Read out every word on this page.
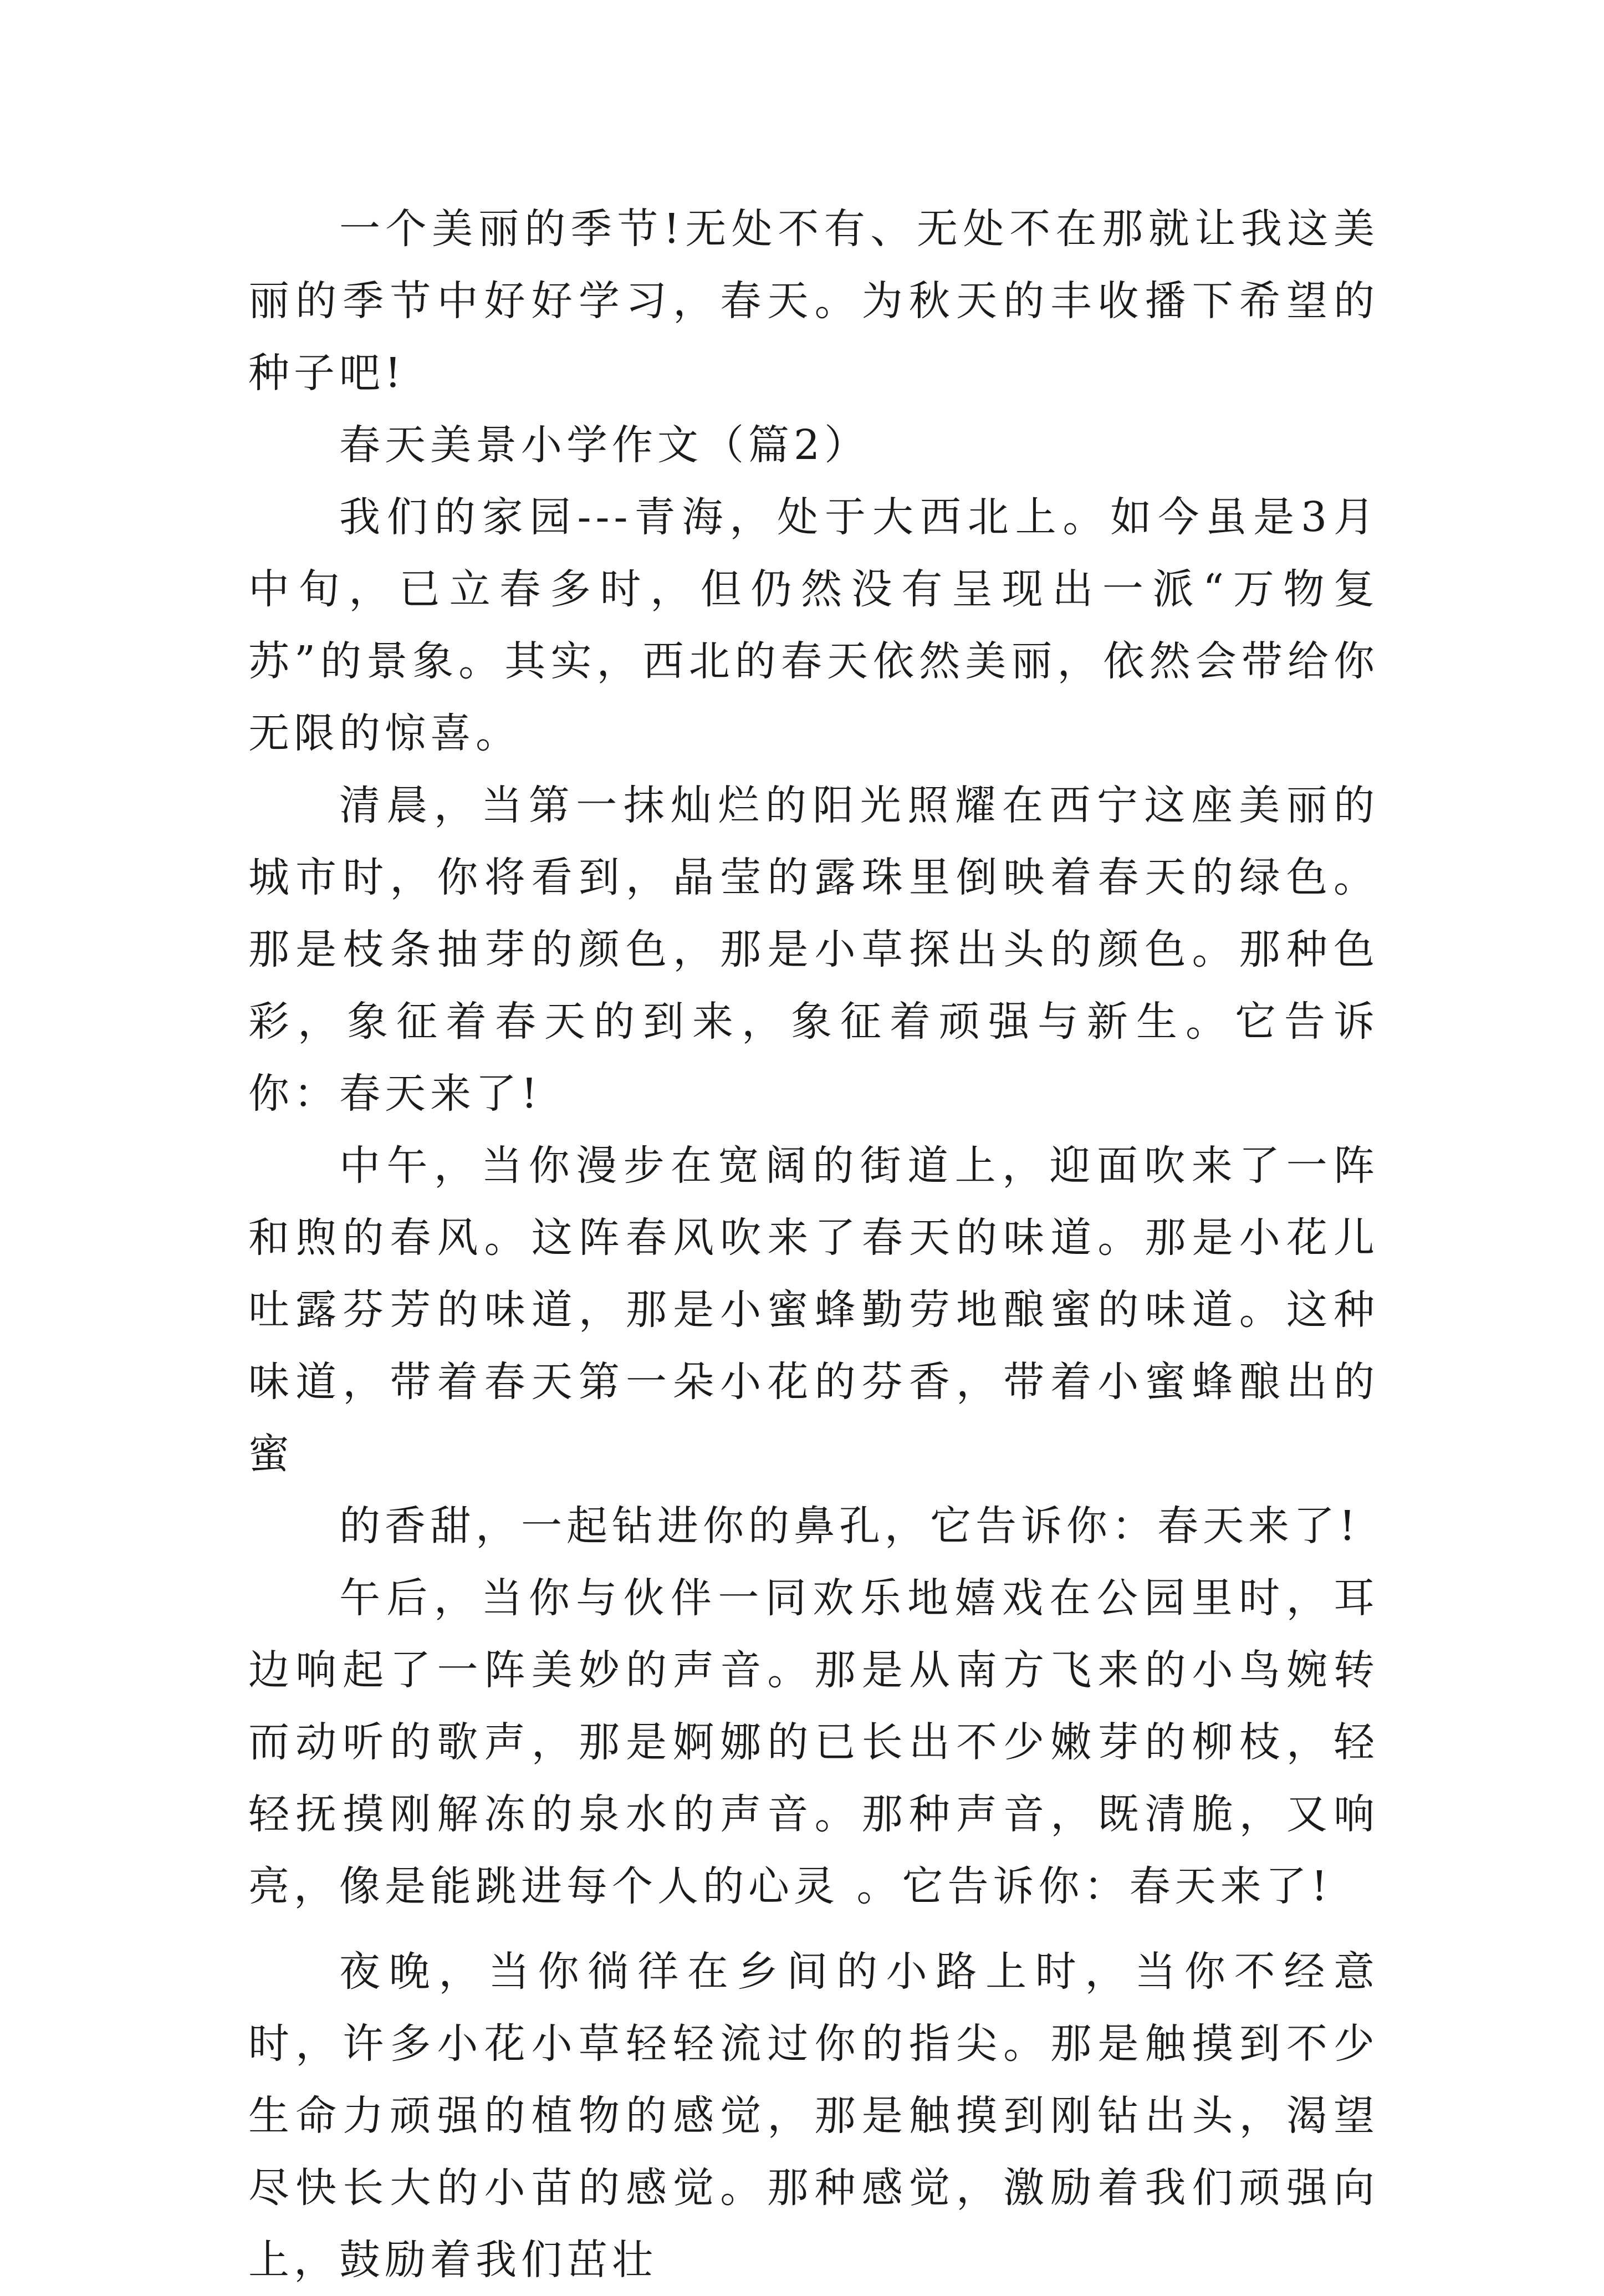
一个美丽的季节!无处不有、无处不在那就让我这美丽的季节中好好学习，春天。为秋天的丰收播下希望的种子吧!

春天美景小学作文（篇2）

我们的家园---青海，处于大西北上。如今虽是3月中旬，已立春多时，但仍然没有呈现出一派“万物复苏”的景象。其实，西北的春天依然美丽，依然会带给你无限的惊喜。

清晨，当第一抹灿烂的阳光照耀在西宁这座美丽的城市时，你将看到，晶莹的露珠里倒映着春天的绿色。那是枝条抽芽的颜色，那是小草探出头的颜色。那种色彩，象征着春天的到来，象征着顽强与新生。它告诉你：春天来了!

中午，当你漫步在宽阔的街道上，迎面吹来了一阵和煦的春风。这阵春风吹来了春天的味道。那是小花儿吐露芬芳的味道，那是小蜜蜂勤劳地酿蜜的味道。这种味道，带着春天第一朵小花的芬香，带着小蜜蜂酿出的蜜

的香甜，一起钻进你的鼻孔，它告诉你：春天来了!

午后，当你与伙伴一同欢乐地嬉戏在公园里时，耳边响起了一阵美妙的声音。那是从南方飞来的小鸟婉转而动听的歌声，那是婀娜的已长出不少嫩芽的柳枝，轻轻抚摸刚解冻的泉水的声音。那种声音，既清脆，又响亮，像是能跳进每个人的心灵 。它告诉你：春天来了!

夜晚，当你徜徉在乡间的小路上时，当你不经意时，许多小花小草轻轻流过你的指尖。那是触摸到不少生命力顽强的植物的感觉，那是触摸到刚钻出头，渴望尽快长大的小苗的感觉。那种感觉，激励着我们顽强向上，鼓励着我们茁壮
